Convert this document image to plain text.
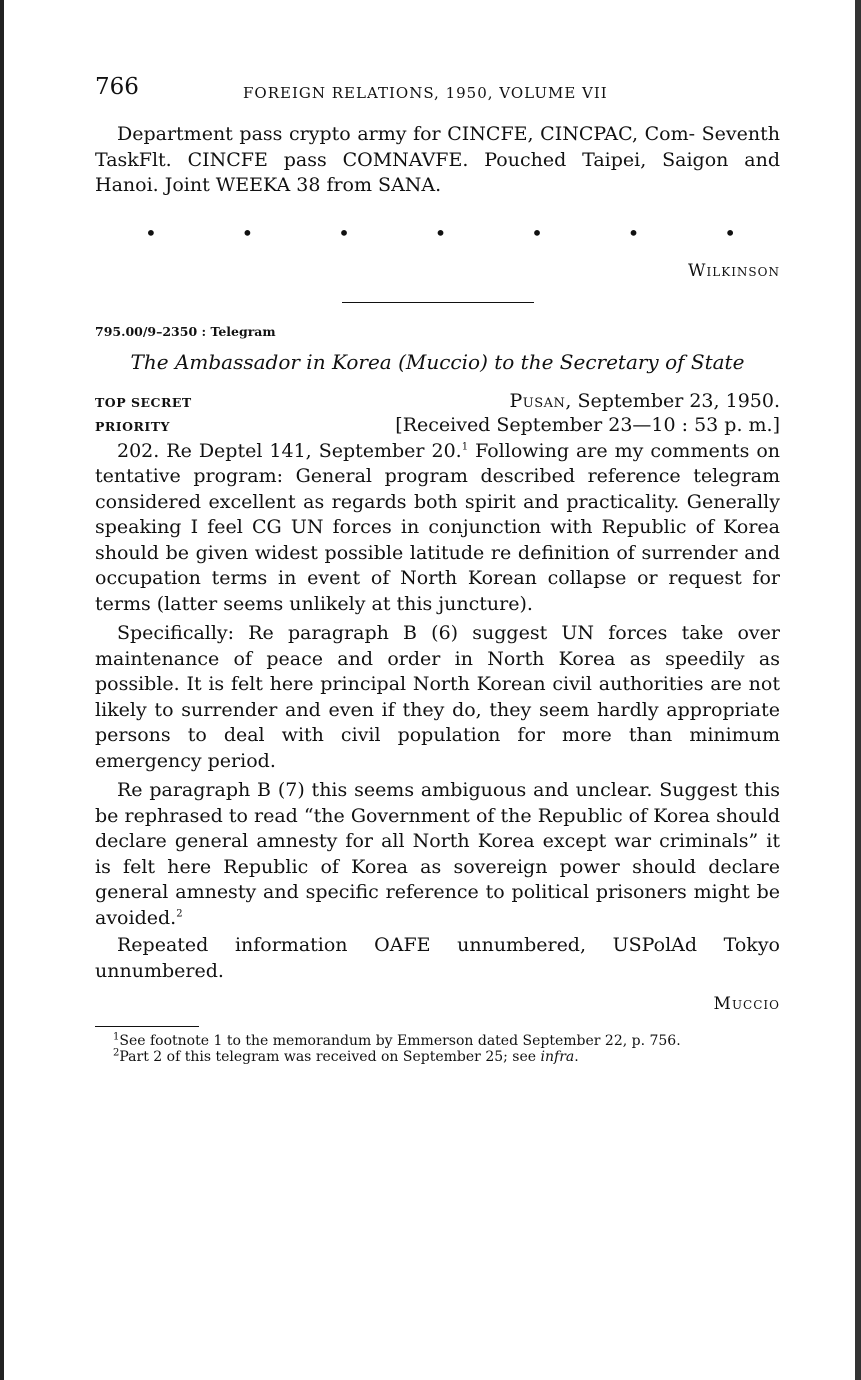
766	FOREIGN RELATIONS, 1950, VOLUME VII

Department pass crypto army for CINCFE, CINCPAC, Com- Seventh TaskFlt. CINCFE pass COMNAVFE. Pouched Taipei, Saigon and Hanoi. Joint WEEKA 38 from SANA.

•	•	•	•	•	•	•
Wilkinson
795.00/9–2350 : Telegram
The Ambassador in Korea (Muccio) to the Secretary of State
TOP SECRET	Pusan, September 23, 1950.
PRIORITY	[Received September 23—10 : 53 p. m.]

202. Re Deptel 141, September 20.$^1$ Following are my comments on tentative program: General program described reference telegram considered excellent as regards both spirit and practicality. Generally speaking I feel CG UN forces in conjunction with Republic of Korea should be given widest possible latitude re definition of surrender and occupation terms in event of North Korean collapse or request for terms (latter seems unlikely at this juncture).

Specifically: Re paragraph B (6) suggest UN forces take over maintenance of peace and order in North Korea as speedily as possible. It is felt here principal North Korean civil authorities are not likely to surrender and even if they do, they seem hardly appropriate persons to deal with civil population for more than minimum emergency period.

Re paragraph B (7) this seems ambiguous and unclear. Suggest this be rephrased to read “the Government of the Republic of Korea should declare general amnesty for all North Korea except war criminals” it is felt here Republic of Korea as sovereign power should declare general amnesty and specific reference to political prisoners might be avoided.$^2$

Repeated information OAFE unnumbered, USPolAd Tokyo unnumbered.

Muccio
$^1$See footnote 1 to the memorandum by Emmerson dated September 22, p. 756.
$^2$Part 2 of this telegram was received on September 25; see infra.
